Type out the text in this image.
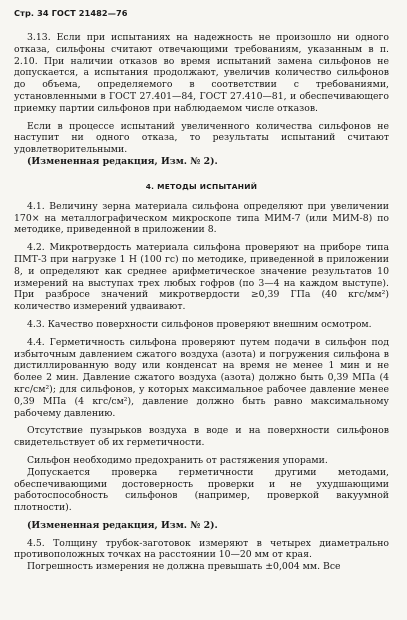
Стр. 34 ГОСТ 21482—76

3.13. Если при испытаниях на надежность не произошло ни одного отказа, сильфоны считают отвечающими требованиям, указанным в п. 2.10. При наличии отказов во время испытаний замена сильфонов не допускается, а испытания продолжают, увеличив количество сильфонов до объема, определяемого в соответствии с требованиями, установленными в ГОСТ 27.401—84, ГОСТ 27.410—81, и обеспечивающего приемку партии сильфонов при наблюдаемом числе отказов.

Если в процессе испытаний увеличенного количества сильфонов не наступит ни одного отказа, то результаты испытаний считают удовлетворительными.

(Измененная редакция, Изм. № 2).

4. МЕТОДЫ ИСПЫТАНИЙ

4.1. Величину зерна материала сильфона определяют при увеличении 170× на металлографическом микроскопе типа МИМ-7 (или МИМ-8) по методике, приведенной в приложении 8.

4.2. Микротвердость материала сильфона проверяют на приборе типа ПМТ-3 при нагрузке 1 Н (100 гс) по методике, приведенной в приложении 8, и определяют как среднее арифметическое значение результатов 10 измерений на выступах трех любых гофров (по 3—4 на каждом выступе). При разбросе значений микротвердости ≥0,39 ГПа (40 кгс/мм²) количество измерений удваивают.

4.3. Качество поверхности сильфонов проверяют внешним осмотром.

4.4. Герметичность сильфона проверяют путем подачи в сильфон под избыточным давлением сжатого воздуха (азота) и погружения сильфона в дистиллированную воду или конденсат на время не менее 1 мин и не более 2 мин. Давление сжатого воздуха (азота) должно быть 0,39 МПа (4 кгс/см²); для сильфонов, у которых максимальное рабочее давление менее 0,39 МПа (4 кгс/см²), давление должно быть равно максимальному рабочему давлению.

Отсутствие пузырьков воздуха в воде и на поверхности сильфонов свидетельствует об их герметичности.

Сильфон необходимо предохранить от растяжения упорами.

Допускается проверка герметичности другими методами, обеспечивающими достоверность проверки и не ухудшающими работоспособность сильфонов (например, проверкой вакуумной плотности).

(Измененная редакция, Изм. № 2).

4.5. Толщину трубок-заготовок измеряют в четырех диаметрально противоположных точках на расстоянии 10—20 мм от края.

Погрешность измерения не должна превышать ±0,004 мм. Все
